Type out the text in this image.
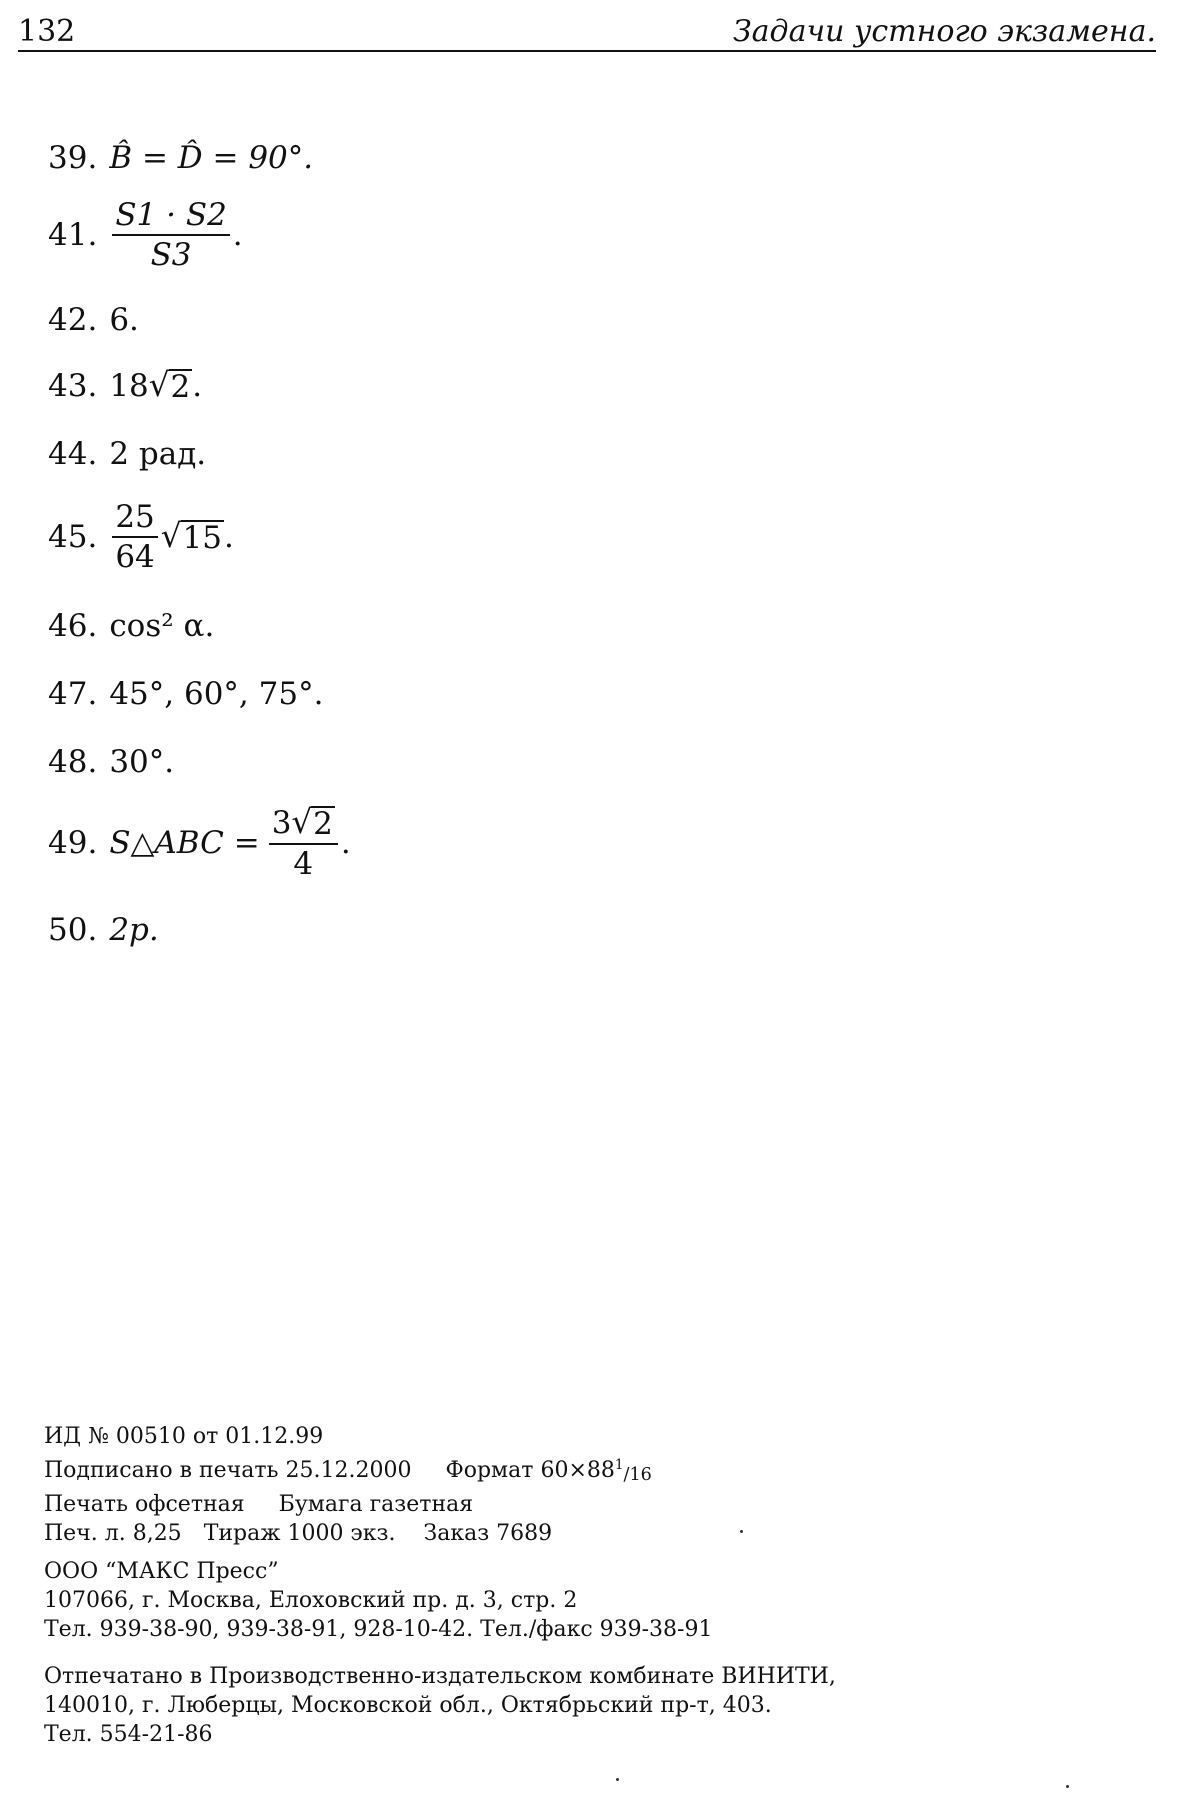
132	Задачи устного экзамена.
39. B̂ = D̂ = 90°.
41. $\frac{S1 \cdot S2}{S3}$ .
42. 6.
43. 18 √ 2 .
44. 2 рад.
45. $\frac{25}{64}$ √ 15 .
46. cos² α.
47. 45°, 60°, 75°.
48. 30°.
49. S△ABC = $\frac{3 √ 2}{4}$ .
50. 2p.
ИД № 00510 от 01.12.99
Подписано в печать 25.12.2000 Формат $60\times 88^1/16$
Печать офсетная Бумага газетная
Печ. л. 8,25 Тираж 1000 экз. Заказ 7689
ООО “МАКС Пресс”
107066, г. Москва, Елоховский пр. д. 3, стр. 2
Тел. 939-38-90, 939-38-91, 928-10-42. Тел./факс 939-38-91
Отпечатано в Производственно-издательском комбинате ВИНИТИ,
140010, г. Люберцы, Московской обл., Октябрьский пр-т, 403.
Тел. 554-21-86
